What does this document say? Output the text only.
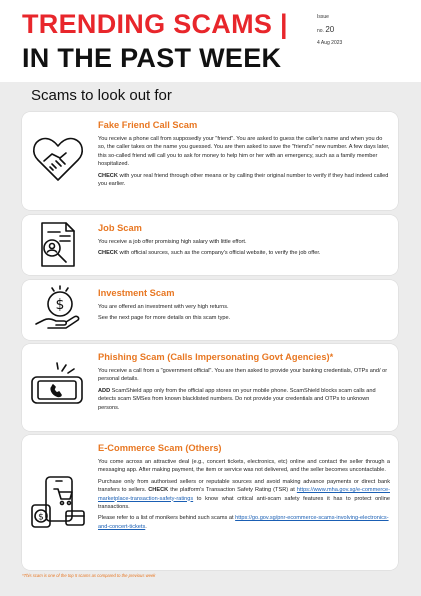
TRENDING SCAMS |
IN THE PAST WEEK
Issue
no. 20
4 Aug 2023
Scams to look out for
Fake Friend Call Scam

You receive a phone call from supposedly your "friend". You are asked to guess the caller's name and when you do so, the caller takes on the name you guessed. You are then asked to save the "friend's" new number. A few days later, this so-called friend will call you to ask for money to help him or her with an emergency, such as a family member hospitalized.

CHECK with your real friend through other means or by calling their original number to verify if they had indeed called you earlier.

Job Scam

You receive a job offer promising high salary with little effort.

CHECK with official sources, such as the company's official website, to verify the job offer.

$
Investment Scam

You are offered an investment with very high returns.

See the next page for more details on this scam type.

Phishing Scam (Calls Impersonating Govt Agencies)*

You receive a call from a "government official". You are then asked to provide your banking credentials, OTPs and/ or personal details.

ADD ScamShield app only from the official app stores on your mobile phone. ScamShield blocks scam calls and detects scam SMSes from known blacklisted numbers. Do not provide your credentials and OTPs to unknown persons.

$
E-Commerce Scam (Others)

You come across an attractive deal (e.g., concert tickets, electronics, etc) online and contact the seller through a messaging app. After making payment, the item or service was not delivered, and the seller becomes uncontactable.

Purchase only from authorised sellers or reputable sources and avoid making advance payments or direct bank transfers to sellers. CHECK the platform's Transaction Safety Rating (TSR) at https://www.mha.gov.sg/e-commerce-marketplace-transaction-safety-ratings to know what critical anti-scam safety features it has to protect online transactions.

Please refer to a list of monikers behind such scams at https://go.gov.sg/pnr-ecommerce-scams-involving-electronics-and-concert-tickets.

*This scam is one of the top 5 scams as compared to the previous week
